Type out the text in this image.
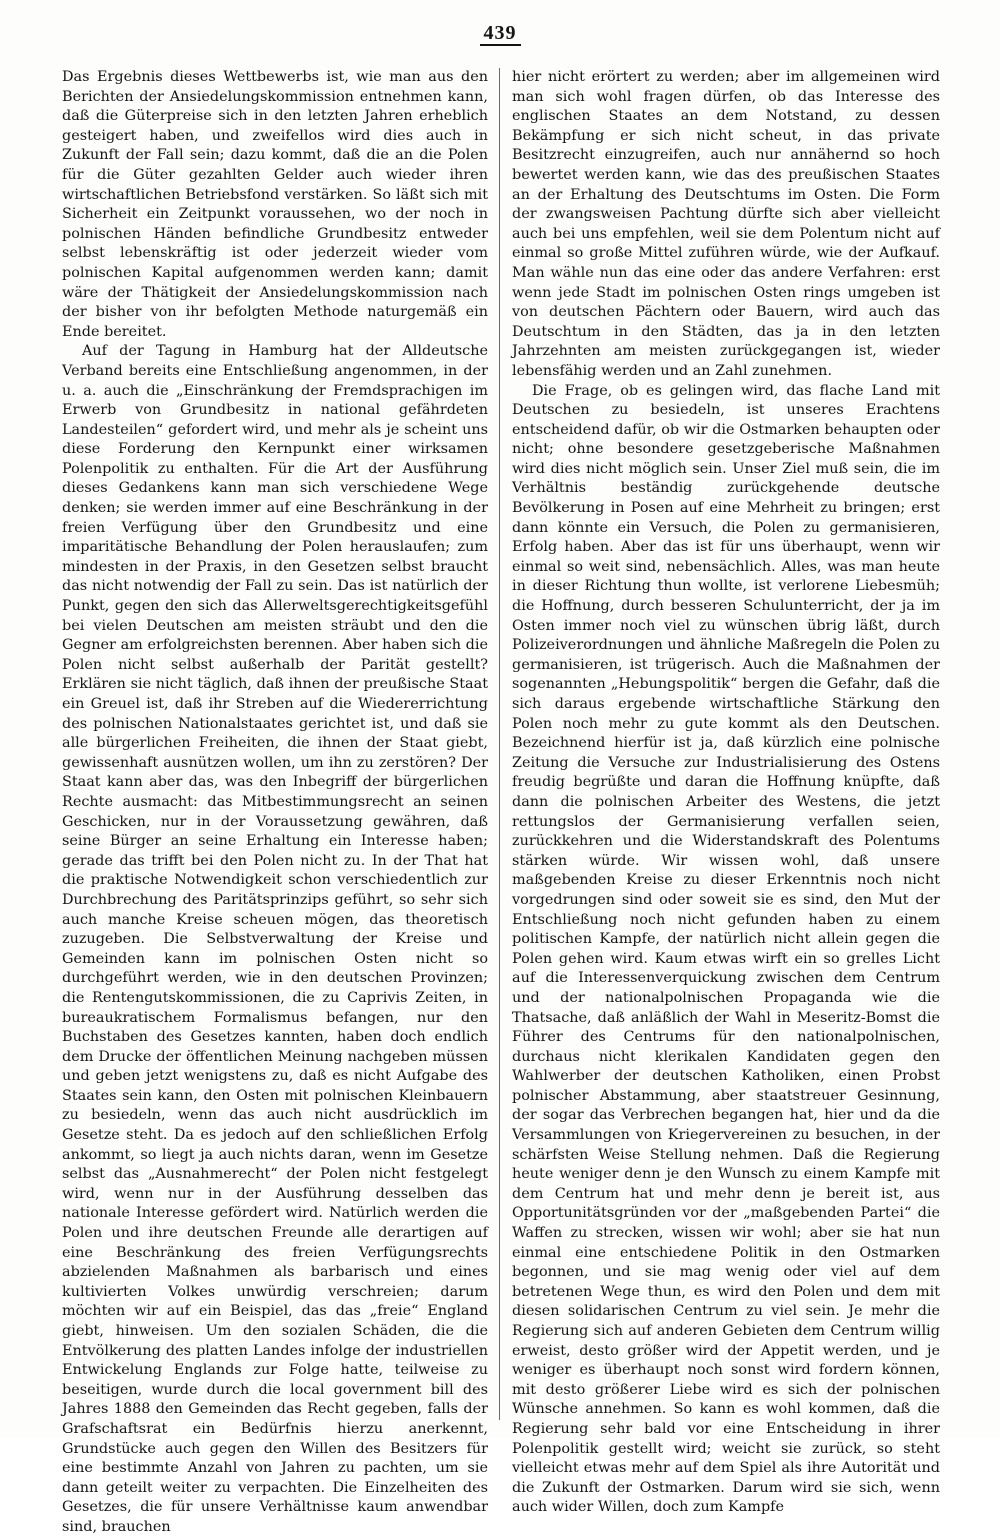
439

Das Ergebnis dieses Wettbewerbs ist, wie man aus den Berichten der Ansiedelungskommission entnehmen kann, daß die Güterpreise sich in den letzten Jahren erheblich gesteigert haben, und zweifellos wird dies auch in Zukunft der Fall sein; dazu kommt, daß die an die Polen für die Güter gezahlten Gelder auch wieder ihren wirtschaftlichen Betriebsfond verstärken. So läßt sich mit Sicherheit ein Zeitpunkt voraussehen, wo der noch in polnischen Händen befindliche Grundbesitz entweder selbst lebenskräftig ist oder jederzeit wieder vom polnischen Kapital aufgenommen werden kann; damit wäre der Thätigkeit der Ansiedelungskommission nach der bisher von ihr befolgten Methode naturgemäß ein Ende bereitet.

Auf der Tagung in Hamburg hat der Alldeutsche Verband bereits eine Entschließung angenommen, in der u. a. auch die „Einschränkung der Fremdsprachigen im Erwerb von Grundbesitz in national gefährdeten Landesteilen“ gefordert wird, und mehr als je scheint uns diese Forderung den Kernpunkt einer wirksamen Polenpolitik zu enthalten. Für die Art der Ausführung dieses Gedankens kann man sich verschiedene Wege denken; sie werden immer auf eine Beschränkung in der freien Verfügung über den Grundbesitz und eine imparitätische Behandlung der Polen herauslaufen; zum mindesten in der Praxis, in den Gesetzen selbst braucht das nicht notwendig der Fall zu sein. Das ist natürlich der Punkt, gegen den sich das Allerweltsgerechtigkeitsgefühl bei vielen Deutschen am meisten sträubt und den die Gegner am erfolgreichsten berennen. Aber haben sich die Polen nicht selbst außerhalb der Parität gestellt? Erklären sie nicht täglich, daß ihnen der preußische Staat ein Greuel ist, daß ihr Streben auf die Wiedererrichtung des polnischen Nationalstaates gerichtet ist, und daß sie alle bürgerlichen Freiheiten, die ihnen der Staat giebt, gewissenhaft ausnützen wollen, um ihn zu zerstören? Der Staat kann aber das, was den Inbegriff der bürgerlichen Rechte ausmacht: das Mitbestimmungsrecht an seinen Geschicken, nur in der Voraussetzung gewähren, daß seine Bürger an seine Erhaltung ein Interesse haben; gerade das trifft bei den Polen nicht zu. In der That hat die praktische Notwendigkeit schon verschiedentlich zur Durchbrechung des Paritätsprinzips geführt, so sehr sich auch manche Kreise scheuen mögen, das theoretisch zuzugeben. Die Selbstverwaltung der Kreise und Gemeinden kann im polnischen Osten nicht so durchgeführt werden, wie in den deutschen Provinzen; die Rentengutskommissionen, die zu Caprivis Zeiten, in bureaukratischem Formalismus befangen, nur den Buchstaben des Gesetzes kannten, haben doch endlich dem Drucke der öffentlichen Meinung nachgeben müssen und geben jetzt wenigstens zu, daß es nicht Aufgabe des Staates sein kann, den Osten mit polnischen Kleinbauern zu besiedeln, wenn das auch nicht ausdrücklich im Gesetze steht. Da es jedoch auf den schließlichen Erfolg ankommt, so liegt ja auch nichts daran, wenn im Gesetze selbst das „Ausnahmerecht“ der Polen nicht festgelegt wird, wenn nur in der Ausführung desselben das nationale Interesse gefördert wird. Natürlich werden die Polen und ihre deutschen Freunde alle derartigen auf eine Beschränkung des freien Verfügungsrechts abzielenden Maßnahmen als barbarisch und eines kultivierten Volkes unwürdig verschreien; darum möchten wir auf ein Beispiel, das das „freie“ England giebt, hinweisen. Um den sozialen Schäden, die die Entvölkerung des platten Landes infolge der industriellen Entwickelung Englands zur Folge hatte, teilweise zu beseitigen, wurde durch die local government bill des Jahres 1888 den Gemeinden das Recht gegeben, falls der Grafschaftsrat ein Bedürfnis hierzu anerkennt, Grundstücke auch gegen den Willen des Besitzers für eine bestimmte Anzahl von Jahren zu pachten, um sie dann geteilt weiter zu verpachten. Die Einzelheiten des Gesetzes, die für unsere Verhältnisse kaum anwendbar sind, brauchen

hier nicht erörtert zu werden; aber im allgemeinen wird man sich wohl fragen dürfen, ob das Interesse des englischen Staates an dem Notstand, zu dessen Bekämpfung er sich nicht scheut, in das private Besitzrecht einzugreifen, auch nur annähernd so hoch bewertet werden kann, wie das des preußischen Staates an der Erhaltung des Deutschtums im Osten. Die Form der zwangsweisen Pachtung dürfte sich aber vielleicht auch bei uns empfehlen, weil sie dem Polentum nicht auf einmal so große Mittel zuführen würde, wie der Aufkauf. Man wähle nun das eine oder das andere Verfahren: erst wenn jede Stadt im polnischen Osten rings umgeben ist von deutschen Pächtern oder Bauern, wird auch das Deutschtum in den Städten, das ja in den letzten Jahrzehnten am meisten zurückgegangen ist, wieder lebensfähig werden und an Zahl zunehmen.

Die Frage, ob es gelingen wird, das flache Land mit Deutschen zu besiedeln, ist unseres Erachtens entscheidend dafür, ob wir die Ostmarken behaupten oder nicht; ohne besondere gesetzgeberische Maßnahmen wird dies nicht möglich sein. Unser Ziel muß sein, die im Verhältnis beständig zurückgehende deutsche Bevölkerung in Posen auf eine Mehrheit zu bringen; erst dann könnte ein Versuch, die Polen zu germanisieren, Erfolg haben. Aber das ist für uns überhaupt, wenn wir einmal so weit sind, nebensächlich. Alles, was man heute in dieser Richtung thun wollte, ist verlorene Liebesmüh; die Hoffnung, durch besseren Schulunterricht, der ja im Osten immer noch viel zu wünschen übrig läßt, durch Polizeiverordnungen und ähnliche Maßregeln die Polen zu germanisieren, ist trügerisch. Auch die Maßnahmen der sogenannten „Hebungspolitik“ bergen die Gefahr, daß die sich daraus ergebende wirtschaftliche Stärkung den Polen noch mehr zu gute kommt als den Deutschen. Bezeichnend hierfür ist ja, daß kürzlich eine polnische Zeitung die Versuche zur Industrialisierung des Ostens freudig begrüßte und daran die Hoffnung knüpfte, daß dann die polnischen Arbeiter des Westens, die jetzt rettungslos der Germanisierung verfallen seien, zurückkehren und die Widerstandskraft des Polentums stärken würde. Wir wissen wohl, daß unsere maßgebenden Kreise zu dieser Erkenntnis noch nicht vorgedrungen sind oder soweit sie es sind, den Mut der Entschließung noch nicht gefunden haben zu einem politischen Kampfe, der natürlich nicht allein gegen die Polen gehen wird. Kaum etwas wirft ein so grelles Licht auf die Interessenverquickung zwischen dem Centrum und der nationalpolnischen Propaganda wie die Thatsache, daß anläßlich der Wahl in Meseritz-Bomst die Führer des Centrums für den nationalpolnischen, durchaus nicht klerikalen Kandidaten gegen den Wahlwerber der deutschen Katholiken, einen Probst polnischer Abstammung, aber staatstreuer Gesinnung, der sogar das Verbrechen begangen hat, hier und da die Versammlungen von Kriegervereinen zu besuchen, in der schärfsten Weise Stellung nehmen. Daß die Regierung heute weniger denn je den Wunsch zu einem Kampfe mit dem Centrum hat und mehr denn je bereit ist, aus Opportunitätsgründen vor der „maßgebenden Partei“ die Waffen zu strecken, wissen wir wohl; aber sie hat nun einmal eine entschiedene Politik in den Ostmarken begonnen, und sie mag wenig oder viel auf dem betretenen Wege thun, es wird den Polen und dem mit diesen solidarischen Centrum zu viel sein. Je mehr die Regierung sich auf anderen Gebieten dem Centrum willig erweist, desto größer wird der Appetit werden, und je weniger es überhaupt noch sonst wird fordern können, mit desto größerer Liebe wird es sich der polnischen Wünsche annehmen. So kann es wohl kommen, daß die Regierung sehr bald vor eine Entscheidung in ihrer Polenpolitik gestellt wird; weicht sie zurück, so steht vielleicht etwas mehr auf dem Spiel als ihre Autorität und die Zukunft der Ostmarken. Darum wird sie sich, wenn auch wider Willen, doch zum Kampfe
